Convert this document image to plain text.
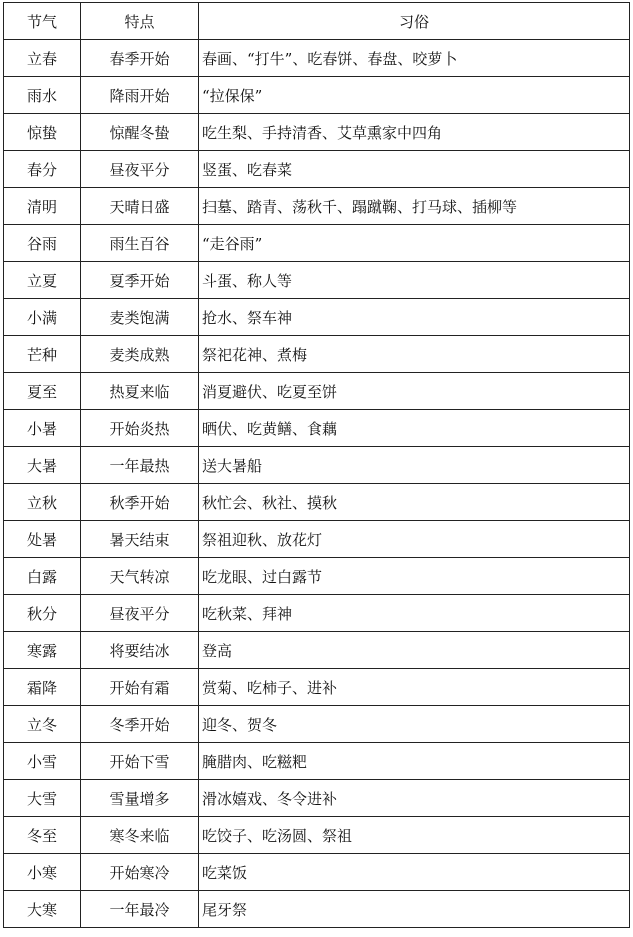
节气	特点	习俗
立春	春季开始	春画、“打牛”、吃春饼、春盘、咬萝卜
雨水	降雨开始	“拉保保”
惊蛰	惊醒冬蛰	吃生梨、手持清香、艾草熏家中四角
春分	昼夜平分	竖蛋、吃春菜
清明	天晴日盛	扫墓、踏青、荡秋千、蹋蹴鞠、打马球、插柳等
谷雨	雨生百谷	“走谷雨”
立夏	夏季开始	斗蛋、称人等
小满	麦类饱满	抢水、祭车神
芒种	麦类成熟	祭祀花神、煮梅
夏至	热夏来临	消夏避伏、吃夏至饼
小暑	开始炎热	晒伏、吃黄鳝、食藕
大暑	一年最热	送大暑船
立秋	秋季开始	秋忙会、秋社、摸秋
处暑	暑天结束	祭祖迎秋、放花灯
白露	天气转凉	吃龙眼、过白露节
秋分	昼夜平分	吃秋菜、拜神
寒露	将要结冰	登高
霜降	开始有霜	赏菊、吃柿子、进补
立冬	冬季开始	迎冬、贺冬
小雪	开始下雪	腌腊肉、吃糍粑
大雪	雪量增多	滑冰嬉戏、冬令进补
冬至	寒冬来临	吃饺子、吃汤圆、祭祖
小寒	开始寒冷	吃菜饭
大寒	一年最冷	尾牙祭
